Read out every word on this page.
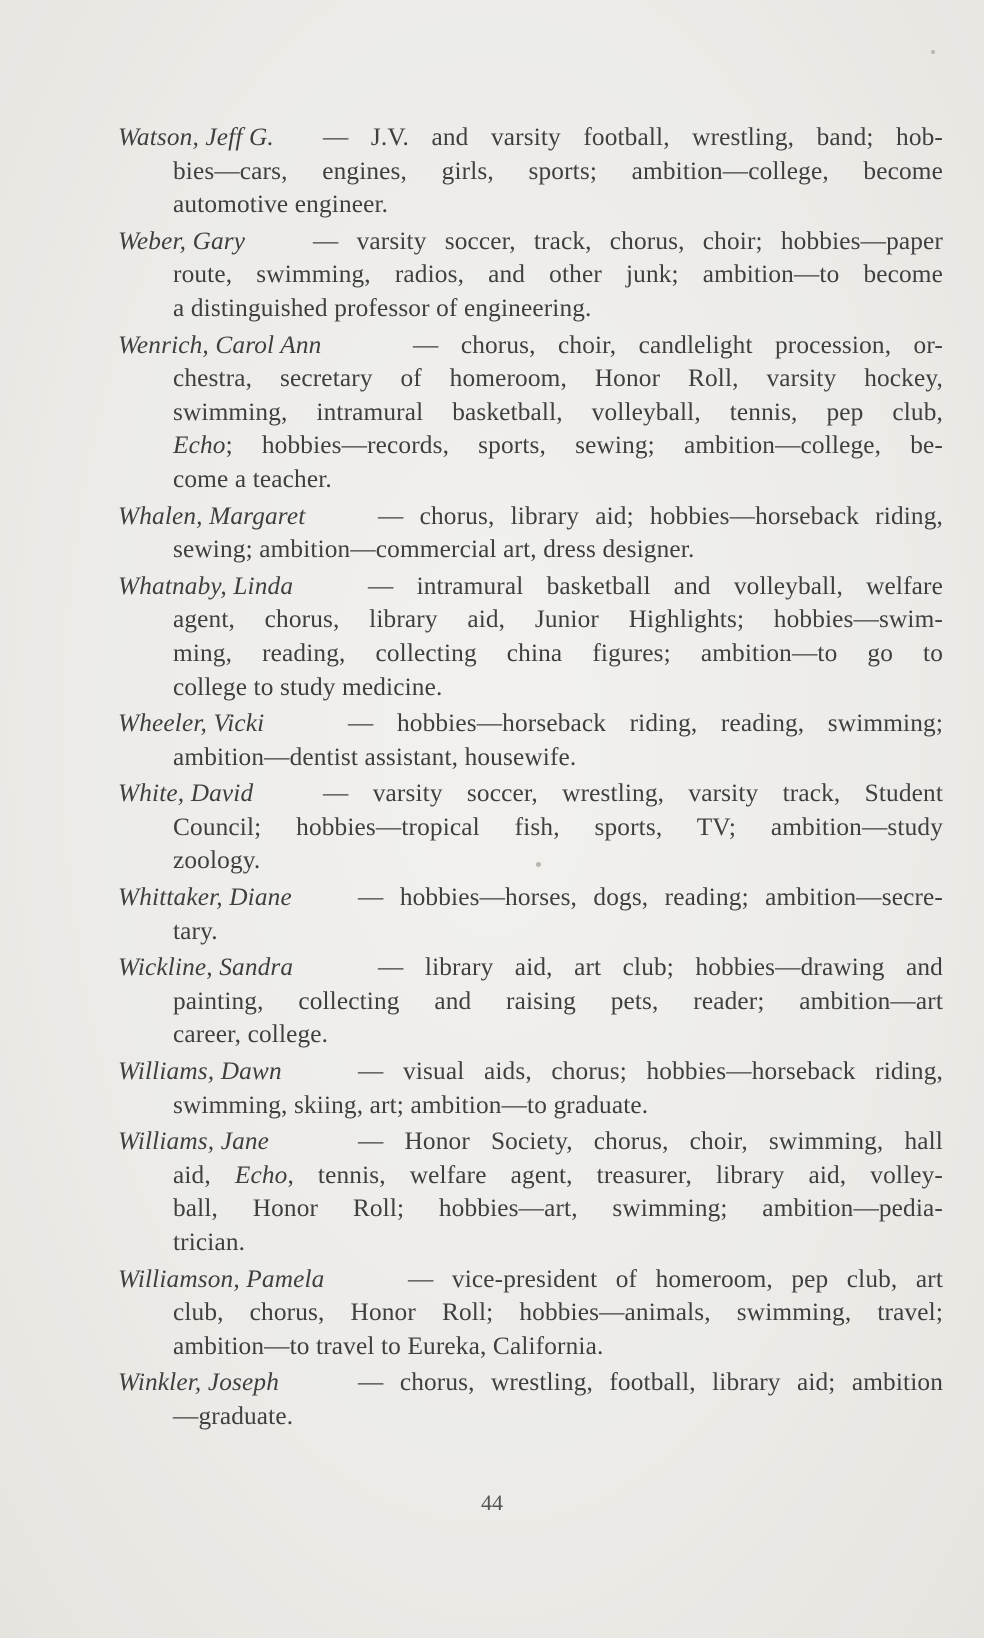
Watson, Jeff G.	— J.V. and varsity football, wrestling, band; hob-
bies—cars, engines, girls, sports; ambition—college, become
automotive engineer.
Weber, Gary	— varsity soccer, track, chorus, choir; hobbies—paper
route, swimming, radios, and other junk; ambition—to become
a distinguished professor of engineering.
Wenrich, Carol Ann	— chorus, choir, candlelight procession, or-
chestra, secretary of homeroom, Honor Roll, varsity hockey,
swimming, intramural basketball, volleyball, tennis, pep club,
Echo; hobbies—records, sports, sewing; ambition—college, be-
come a teacher.
Whalen, Margaret	— chorus, library aid; hobbies—horseback riding,
sewing; ambition—commercial art, dress designer.
Whatnaby, Linda	— intramural basketball and volleyball, welfare
agent, chorus, library aid, Junior Highlights; hobbies—swim-
ming, reading, collecting china figures; ambition—to go to
college to study medicine.
Wheeler, Vicki	— hobbies—horseback riding, reading, swimming;
ambition—dentist assistant, housewife.
White, David	— varsity soccer, wrestling, varsity track, Student
Council; hobbies—tropical fish, sports, TV; ambition—study
zoology.
Whittaker, Diane	— hobbies—horses, dogs, reading; ambition—secre-
tary.
Wickline, Sandra	— library aid, art club; hobbies—drawing and
painting, collecting and raising pets, reader; ambition—art
career, college.
Williams, Dawn	— visual aids, chorus; hobbies—horseback riding,
swimming, skiing, art; ambition—to graduate.
Williams, Jane	— Honor Society, chorus, choir, swimming, hall
aid, Echo, tennis, welfare agent, treasurer, library aid, volley-
ball, Honor Roll; hobbies—art, swimming; ambition—pedia-
trician.
Williamson, Pamela	— vice-president of homeroom, pep club, art
club, chorus, Honor Roll; hobbies—animals, swimming, travel;
ambition—to travel to Eureka, California.
Winkler, Joseph	— chorus, wrestling, football, library aid; ambition
—graduate.
44
